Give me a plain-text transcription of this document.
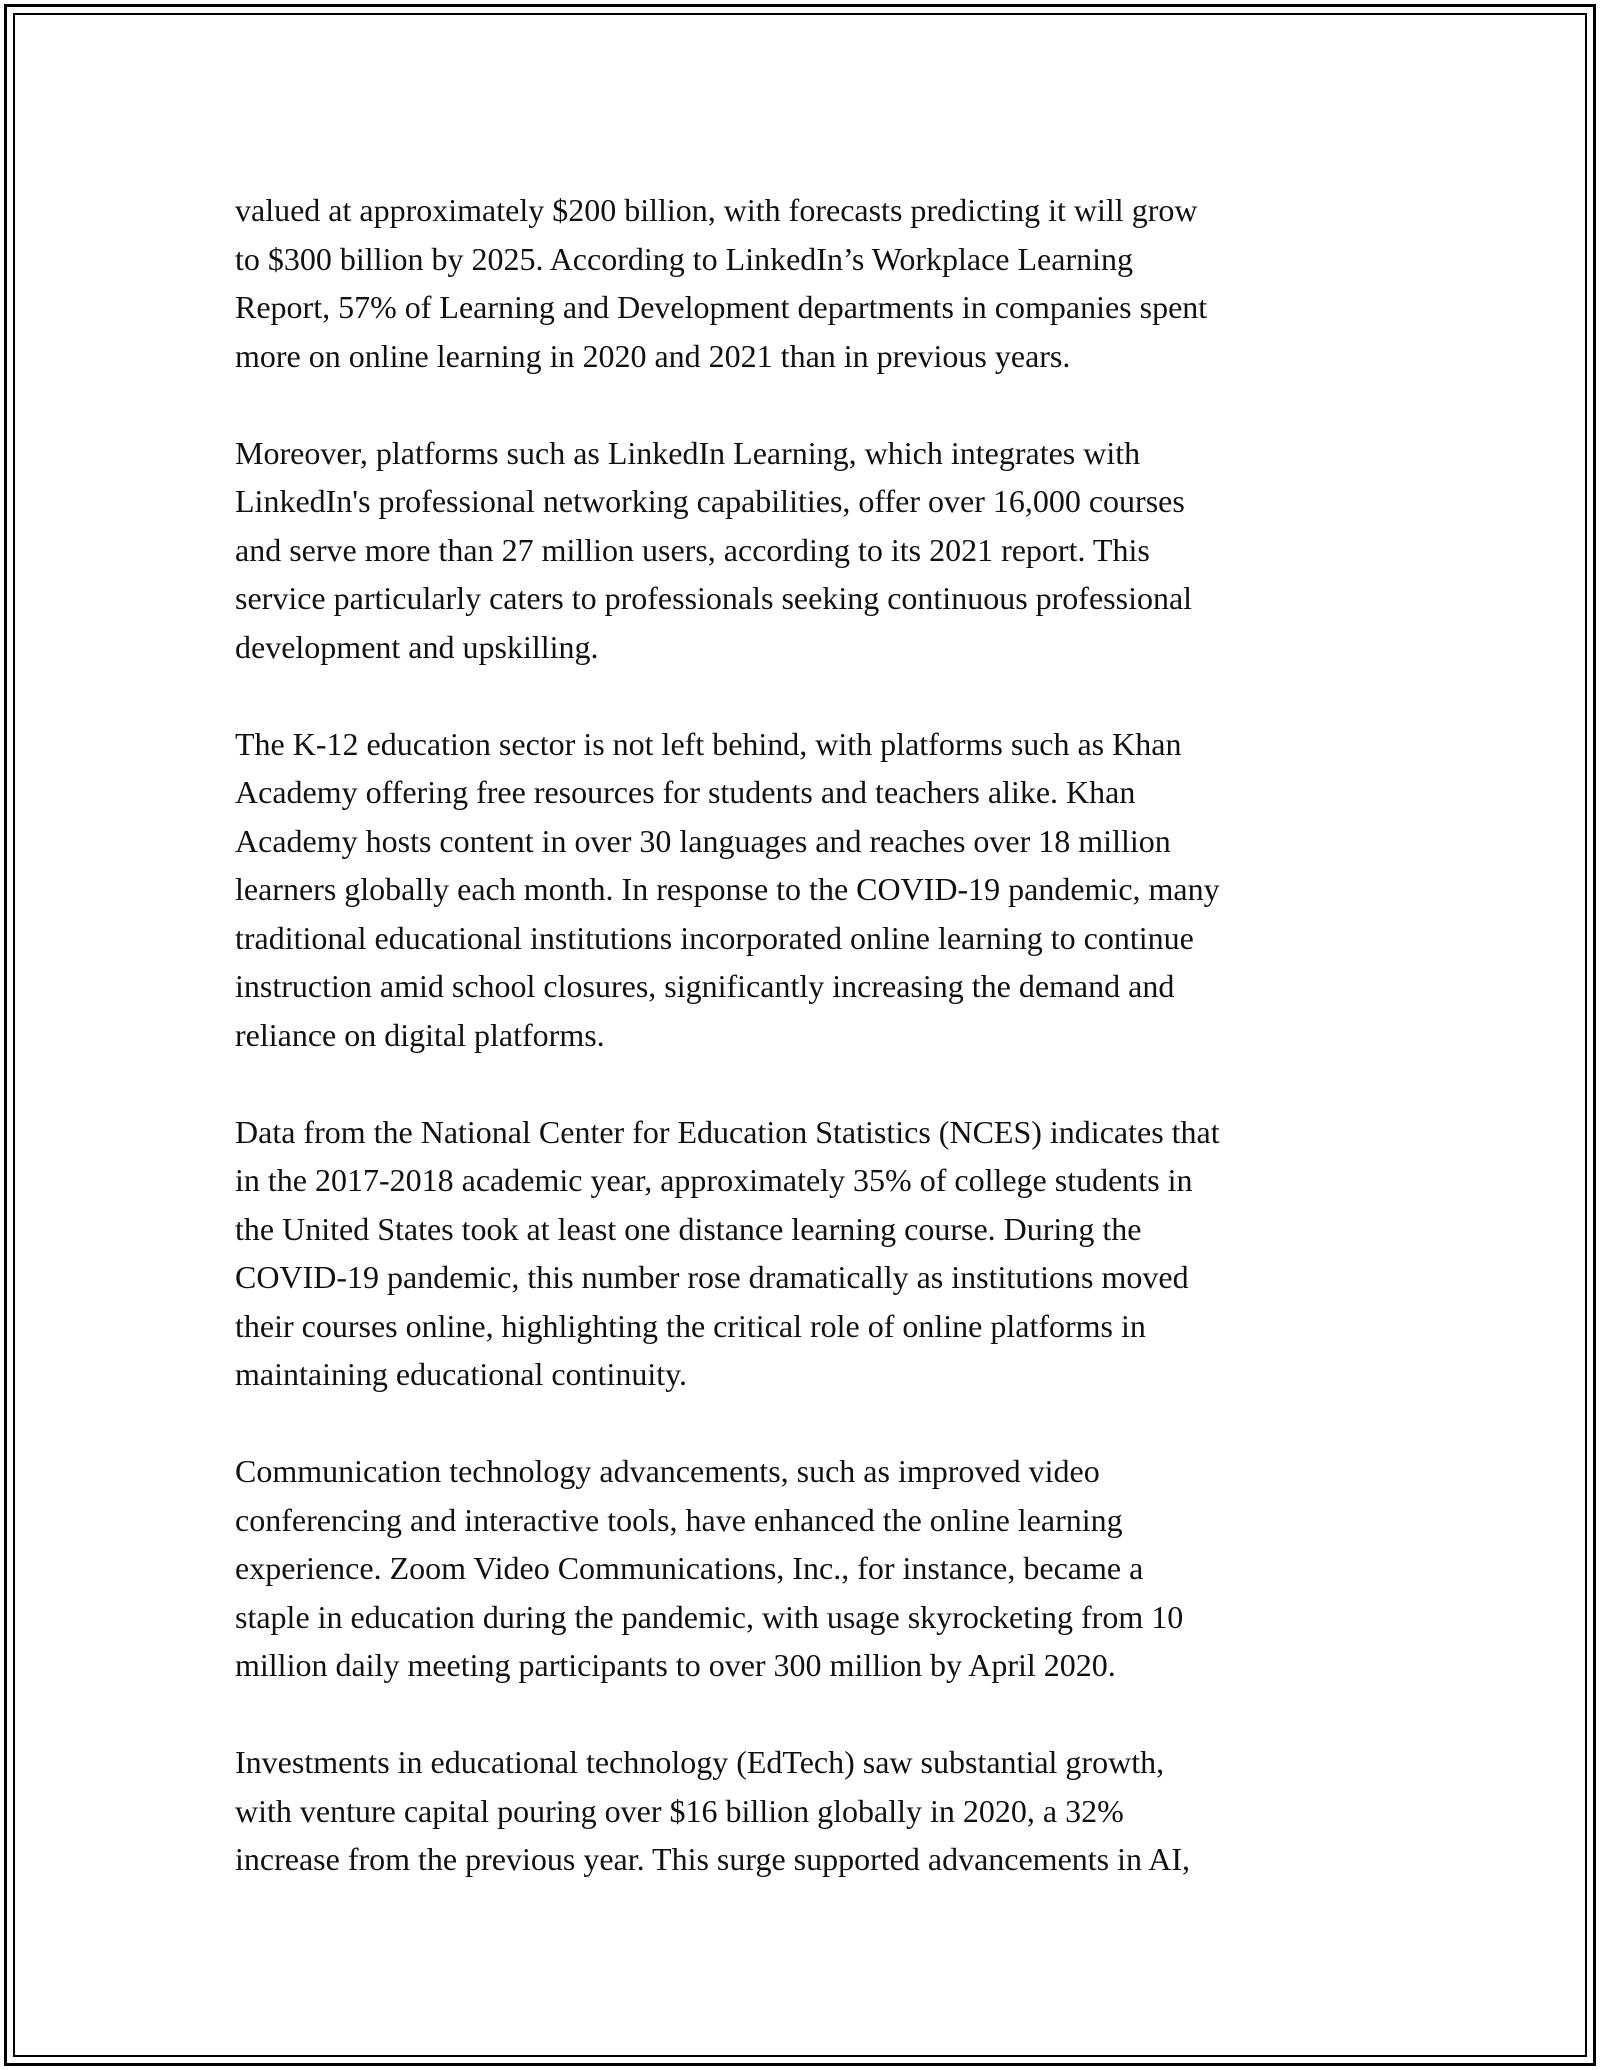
valued at approximately $200 billion, with forecasts predicting it will grow
to $300 billion by 2025. According to LinkedIn’s Workplace Learning
Report, 57% of Learning and Development departments in companies spent
more on online learning in 2020 and 2021 than in previous years.

Moreover, platforms such as LinkedIn Learning, which integrates with
LinkedIn's professional networking capabilities, offer over 16,000 courses
and serve more than 27 million users, according to its 2021 report. This
service particularly caters to professionals seeking continuous professional
development and upskilling.

The K-12 education sector is not left behind, with platforms such as Khan
Academy offering free resources for students and teachers alike. Khan
Academy hosts content in over 30 languages and reaches over 18 million
learners globally each month. In response to the COVID-19 pandemic, many
traditional educational institutions incorporated online learning to continue
instruction amid school closures, significantly increasing the demand and
reliance on digital platforms.

Data from the National Center for Education Statistics (NCES) indicates that
in the 2017-2018 academic year, approximately 35% of college students in
the United States took at least one distance learning course. During the
COVID-19 pandemic, this number rose dramatically as institutions moved
their courses online, highlighting the critical role of online platforms in
maintaining educational continuity.

Communication technology advancements, such as improved video
conferencing and interactive tools, have enhanced the online learning
experience. Zoom Video Communications, Inc., for instance, became a
staple in education during the pandemic, with usage skyrocketing from 10
million daily meeting participants to over 300 million by April 2020.

Investments in educational technology (EdTech) saw substantial growth,
with venture capital pouring over $16 billion globally in 2020, a 32%
increase from the previous year. This surge supported advancements in AI,
